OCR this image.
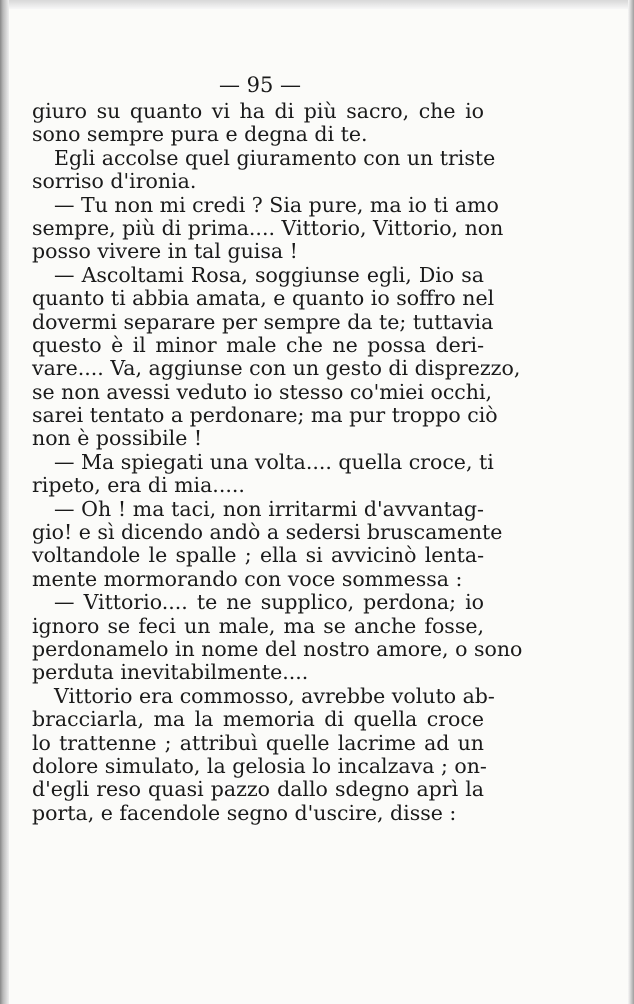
— 95 —
giuro su quanto vi ha di più sacro, che io
sono sempre pura e degna di te.
Egli accolse quel giuramento con un triste
sorriso d'ironia.
— Tu non mi credi ? Sia pure, ma io ti amo
sempre, più di prima.... Vittorio, Vittorio, non
posso vivere in tal guisa !
— Ascoltami Rosa, soggiunse egli, Dio sa
quanto ti abbia amata, e quanto io soffro nel
dovermi separare per sempre da te; tuttavia
questo è il minor male che ne possa deri-
vare.... Va, aggiunse con un gesto di disprezzo,
se non avessi veduto io stesso co'miei occhi,
sarei tentato a perdonare; ma pur troppo ciò
non è possibile !
— Ma spiegati una volta.... quella croce, ti
ripeto, era di mia.....
— Oh ! ma taci, non irritarmi d'avvantag-
gio! e sì dicendo andò a sedersi bruscamente
voltandole le spalle ; ella si avvicinò lenta-
mente mormorando con voce sommessa :
— Vittorio.... te ne supplico, perdona; io
ignoro se feci un male, ma se anche fosse,
perdonamelo in nome del nostro amore, o sono
perduta inevitabilmente....
Vittorio era commosso, avrebbe voluto ab-
bracciarla, ma la memoria di quella croce
lo trattenne ; attribuì quelle lacrime ad un
dolore simulato, la gelosia lo incalzava ; on-
d'egli reso quasi pazzo dallo sdegno aprì la
porta, e facendole segno d'uscire, disse :
